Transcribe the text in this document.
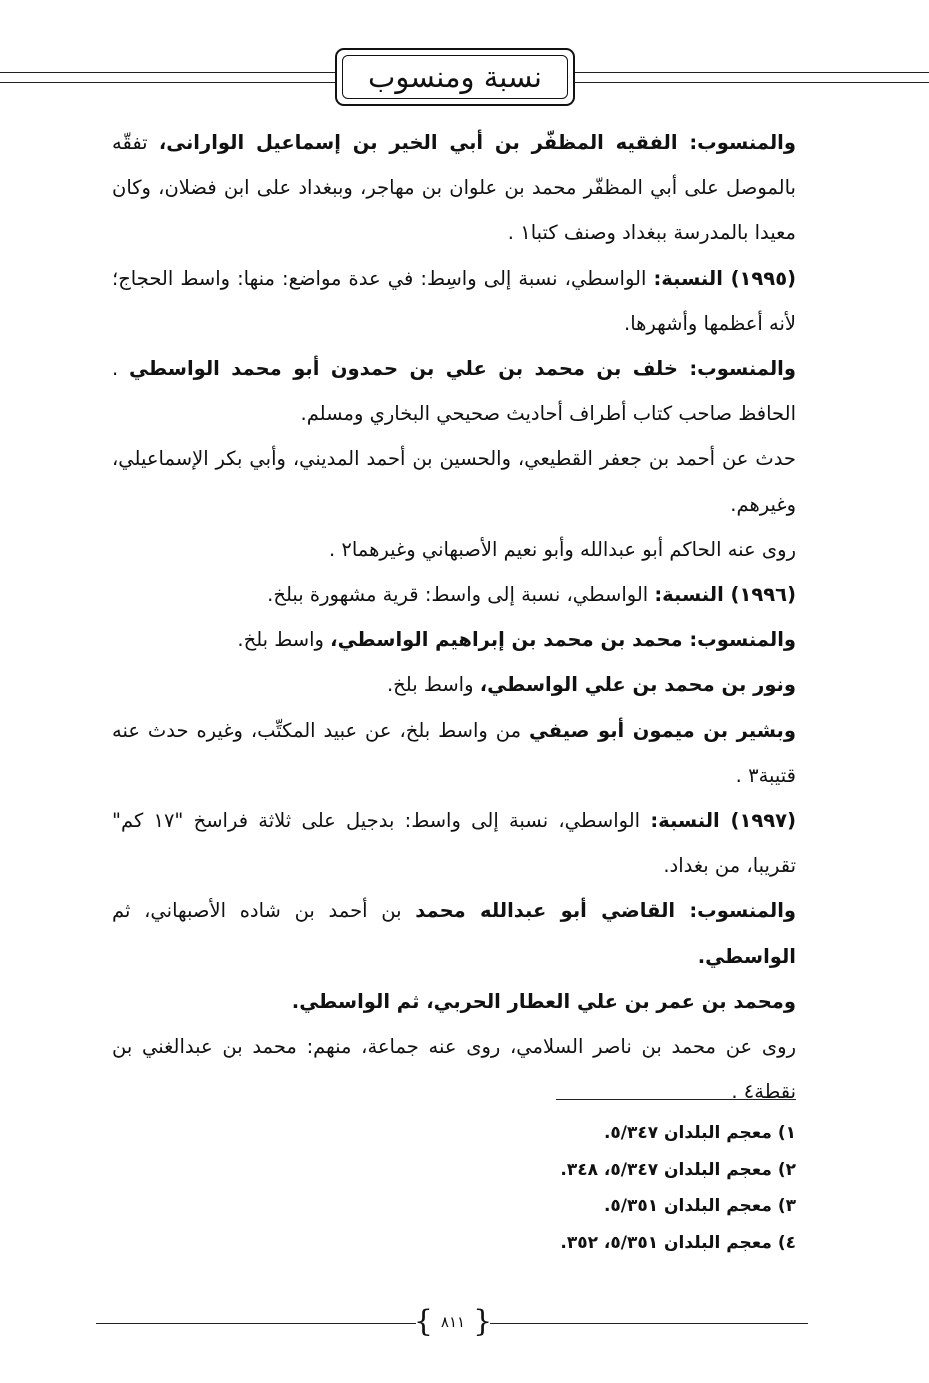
نسبة ومنسوب

والمنسوب: الفقيه المظفّر بن أبي الخير بن إسماعيل الوارانى، تفقّه بالموصل على أبي المظفّر محمد بن علوان بن مهاجر، وببغداد على ابن فضلان، وكان معيدا بالمدرسة ببغداد وصنف كتبا١ .

(١٩٩٥) النسبة: الواسطي، نسبة إلى واسِط: في عدة مواضع: منها: واسط الحجاج؛ لأنه أعظمها وأشهرها.

والمنسوب: خلف بن محمد بن علي بن حمدون أبو محمد الواسطي . الحافظ صاحب كتاب أطراف أحاديث صحيحي البخاري ومسلم.

حدث عن أحمد بن جعفر القطيعي، والحسين بن أحمد المديني، وأبي بكر الإسماعيلي، وغيرهم.

روى عنه الحاكم أبو عبدالله وأبو نعيم الأصبهاني وغيرهما٢ .

(١٩٩٦) النسبة: الواسطي، نسبة إلى واسط: قرية مشهورة ببلخ.

والمنسوب: محمد بن محمد بن إبراهيم الواسطي، واسط بلخ.

ونور بن محمد بن علي الواسطي، واسط بلخ.

وبشير بن ميمون أبو صيفي من واسط بلخ، عن عبيد المكتِّب، وغيره حدث عنه قتيبة٣ .

(١٩٩٧) النسبة: الواسطي، نسبة إلى واسط: بدجيل على ثلاثة فراسخ "١٧ كم" تقريبا، من بغداد.

والمنسوب: القاضي أبو عبدالله محمد بن أحمد بن شاده الأصبهاني، ثم الواسطي.

ومحمد بن عمر بن علي العطار الحربي، ثم الواسطي.

روى عن محمد بن ناصر السلامي، روى عنه جماعة، منهم: محمد بن عبدالغني بن نقطة٤ .

١) معجم البلدان ٥/٣٤٧.
٢) معجم البلدان ٥/٣٤٧، ٣٤٨.
٣) معجم البلدان ٥/٣٥١.
٤) معجم البلدان ٥/٣٥١، ٣٥٢.
{ ٨١١ }
